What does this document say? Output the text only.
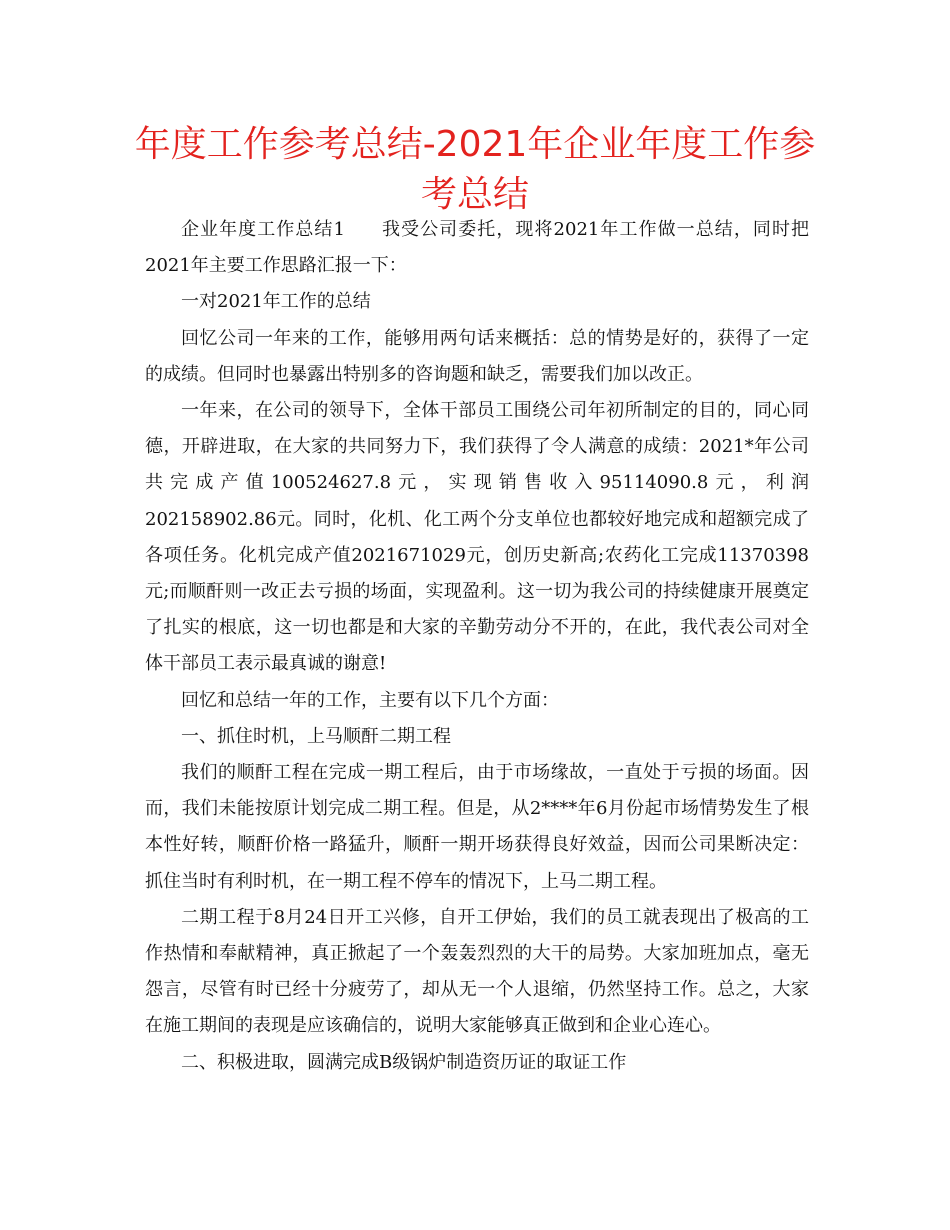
年度工作参考总结-2021年企业年度工作参考总结

企业年度工作总结1 我受公司委托，现将2021年工作做一总结，同时把2021年主要工作思路汇报一下：

一对2021年工作的总结

回忆公司一年来的工作，能够用两句话来概括：总的情势是好的，获得了一定的成绩。但同时也暴露出特别多的咨询题和缺乏，需要我们加以改正。

一年来，在公司的领导下，全体干部员工围绕公司年初所制定的目的，同心同德，开辟进取，在大家的共同努力下，我们获得了令人满意的成绩：2021*年公司共完成产值100524627.8元，实现销售收入95114090.8元，利润202158902.86元。同时，化机、化工两个分支单位也都较好地完成和超额完成了各项任务。化机完成产值2021671029元，创历史新高;农药化工完成11370398元;而顺酐则一改正去亏损的场面，实现盈利。这一切为我公司的持续健康开展奠定了扎实的根底，这一切也都是和大家的辛勤劳动分不开的，在此，我代表公司对全体干部员工表示最真诚的谢意!

回忆和总结一年的工作，主要有以下几个方面：

一、抓住时机，上马顺酐二期工程

我们的顺酐工程在完成一期工程后，由于市场缘故，一直处于亏损的场面。因而，我们未能按原计划完成二期工程。但是，从2****年6月份起市场情势发生了根本性好转，顺酐价格一路猛升，顺酐一期开场获得良好效益，因而公司果断决定：抓住当时有利时机，在一期工程不停车的情况下，上马二期工程。

二期工程于8月24日开工兴修，自开工伊始，我们的员工就表现出了极高的工作热情和奉献精神，真正掀起了一个轰轰烈烈的大干的局势。大家加班加点，毫无怨言，尽管有时已经十分疲劳了，却从无一个人退缩，仍然坚持工作。总之，大家在施工期间的表现是应该确信的，说明大家能够真正做到和企业心连心。

二、积极进取，圆满完成B级锅炉制造资历证的取证工作
